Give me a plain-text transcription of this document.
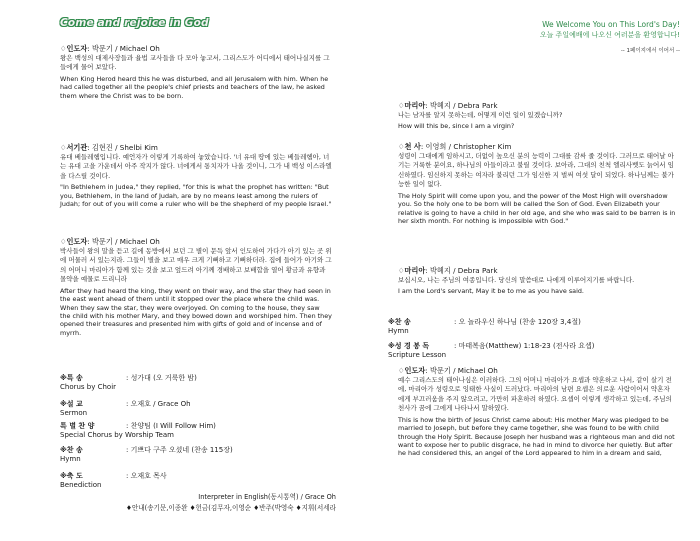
Come and rejoice in God
♢인도자: 박문기 / Michael Oh
왕은 백성의 대제사장들과 율법 교사들을 다 모아 놓고서, 그리스도가 어디에서 태어나실지를 그들에게 물어 보았다.
When King Herod heard this he was disturbed, and all Jerusalem with him. When he had called together all the people's chief priests and teachers of the law, he asked them where the Christ was to be born.
♢서기관: 김현진 / Shelbi Kim
유대 베들레헴입니다. 예언자가 이렇게 기록하여 놓았습니다. '너 유대 땅에 있는 베들레헴아, 너는 유대 고을 가운데서 아주 작지가 않다. 너에게서 통치자가 나올 것이니, 그가 내 백성 이스라엘을 다스릴 것이다.
"In Bethlehem in Judea," they replied, "for this is what the prophet has written: "But you, Bethlehem, in the land of Judah, are by no means least among the rulers of Judah; for out of you will come a ruler who will be the shepherd of my people Israel."
♢인도자: 박문기 / Michael Oh
박사들이 왕의 말을 듣고 길에 동방에서 보던 그 별이 문득 앞서 인도하여 가다가 아기 있는 곳 위에 머물러 서 있는지라. 그들이 별을 보고 매우 크게 기뻐하고 기뻐하더라. 집에 들어가 아기와 그의 어머니 마리아가 함께 있는 것을 보고 엎드려 아기께 경배하고 보배합을 열어 황금과 유향과 몰약을 예물로 드리니라
After they had heard the king, they went on their way, and the star they had seen in the east went ahead of them until it stopped over the place where the child was. When they saw the star, they were overjoyed. On coming to the house, they saw the child with his mother Mary, and they bowed down and worshiped him. Then they opened their treasures and presented him with gifts of gold and of incense and of myrrh.
※특 송	: 성가대 (오 거룩한 밤)
Chorus by Choir
※설 교	: 오재호 / Grace Oh
Sermon
특 별 찬 양	: 찬양팀 (I Will Follow Him)
Special Chorus by Worship Team
※찬 송	: 기쁘다 구주 오셨네 (찬송 115장)
Hymn
※축 도	: 오재호 목사
Benediction
Interpreter in English(동시통역) / Grace Oh
♦안내(송기문,이종완 ♦헌금(김무자,이영순 ♦반주(박영숙 ♦지휘(서세라
We Welcome You on This Lord's Day!
오늘 주일예배에 나오신 여러분을 환영합니다!
-- 1페이지에서 이어서 --
♢마리아: 박혜지 / Debra Park
나는 남자를 알지 못하는데, 어떻게 이런 일이 있겠습니까?
How will this be, since I am a virgin?
♢천 사: 이영희 / Christopher Kim
성령이 그대에게 임하시고, 더없이 높으신 분의 능력이 그대를 감싸 줄 것이다. 그러므로 태어날 아기는 거룩한 분이요, 하나님의 아들이라고 불릴 것이다. 보아라, 그대의 친척 엘리사벳도 늙어서 임신하였다. 임신하지 못하는 여자라 불리던 그가 임신한 지 벌써 여섯 달이 되었다. 하나님께는 불가능한 일이 없다.
The Holy Spirit will come upon you, and the power of the Most High will overshadow you. So the holy one to be born will be called the Son of God. Even Elizabeth your relative is going to have a child in her old age, and she who was said to be barren is in her sixth month. For nothing is impossible with God."
♢마리아: 박혜지 / Debra Park
보십시오, 나는 주님의 여종입니다. 당신의 말씀대로 나에게 이루어지기를 바랍니다.
I am the Lord's servant, May it be to me as you have said.
※찬 송	: 오 놀라우신 하나님 (찬송 120장 3,4절)
Hymn
※성 경 봉 독	: 마태복음(Matthew) 1:18-23 (전사라 요셉)
Scripture Lesson
♢인도자: 박문기 / Michael Oh
예수 그리스도의 태어나심은 이러하다. 그의 어머니 마리아가 요셉과 약혼하고 나서, 같이 살기 전에, 마리아가 성령으로 잉태한 사실이 드러났다. 마리아의 남편 요셉은 의로운 사람이어서 약혼자에게 부끄러움을 주지 않으려고, 가만히 파혼하려 하였다. 요셉이 이렇게 생각하고 있는데, 주님의 천사가 꿈에 그에게 나타나서 말하였다.
This is how the birth of Jesus Christ came about: His mother Mary was pledged to be married to Joseph, but before they came together, she was found to be with child through the Holy Spirit. Because Joseph her husband was a righteous man and did not want to expose her to public disgrace, he had in mind to divorce her quietly. But after he had considered this, an angel of the Lord appeared to him in a dream and said,
